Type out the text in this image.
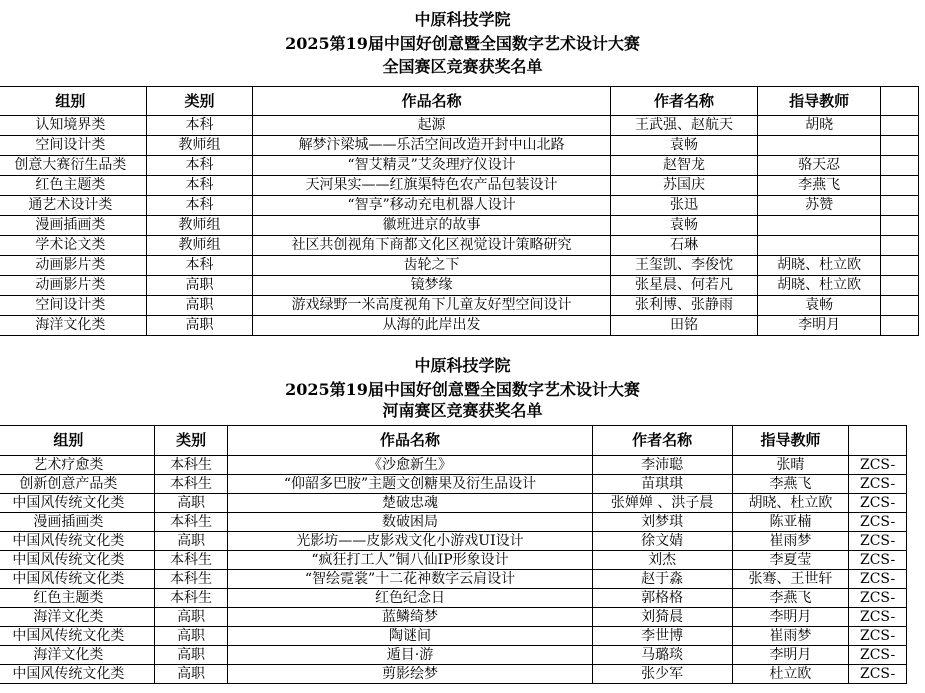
中原科技学院
2025第19届中国好创意暨全国数字艺术设计大赛
全国赛区竞赛获奖名单
组别	类别	作品名称	作者名称	指导教师	
认知境界类	本科	起源	王武强、赵航天	胡晓	
空间设计类	教师组	解梦汴梁城——乐活空间改造开封中山北路	袁畅		
创意大赛衍生品类	本科	“智艾精灵”艾灸理疗仪设计	赵智龙	骆天忍	
红色主题类	本科	天河果实——红旗渠特色农产品包装设计	苏国庆	李燕飞	
通艺术设计类	本科	“智享”移动充电机器人设计	张迅	苏赞	
漫画插画类	教师组	徽班进京的故事	袁畅		
学术论文类	教师组	社区共创视角下商都文化区视觉设计策略研究	石琳		
动画影片类	本科	齿轮之下	王玺凯、李俊忱	胡晓、杜立欧	
动画影片类	高职	镜梦缘	张星晨、何若凡	胡晓、杜立欧	
空间设计类	高职	游戏绿野一米高度视角下儿童友好型空间设计	张利博、张静雨	袁畅	
海洋文化类	高职	从海的此岸出发	田铭	李明月	
中原科技学院
2025第19届中国好创意暨全国数字艺术设计大赛
河南赛区竞赛获奖名单
组别	类别	作品名称	作者名称	指导教师	
艺术疗愈类	本科生	《沙愈新生》	李沛聪	张晴	ZCS-
创新创意产品类	本科生	“仰韶多巴胺”主题文创糖果及衍生品设计	苗琪琪	李燕飞	ZCS-
中国风传统文化类	高职	楚破忠魂	张婵婵 、洪子晨	胡晓、杜立欧	ZCS-
漫画插画类	本科生	数破困局	刘梦琪	陈亚楠	ZCS-
中国风传统文化类	高职	光影坊——皮影戏文化小游戏UI设计	徐文婧	崔雨梦	ZCS-
中国风传统文化类	本科生	“疯狂打工人”铜八仙IP形象设计	刘杰	李夏莹	ZCS-
中国风传统文化类	本科生	“智绘霓裳”十二花神数字云肩设计	赵于淼	张骞、王世轩	ZCS-
红色主题类	本科生	红色纪念日	郭格格	李燕飞	ZCS-
海洋文化类	高职	蓝鳞绮梦	刘猗晨	李明月	ZCS-
中国风传统文化类	高职	陶谜间	李世博	崔雨梦	ZCS-
海洋文化类	高职	遁目·游	马璐琰	李明月	ZCS-
中国风传统文化类	高职	剪影绘梦	张少军	杜立欧	ZCS-
